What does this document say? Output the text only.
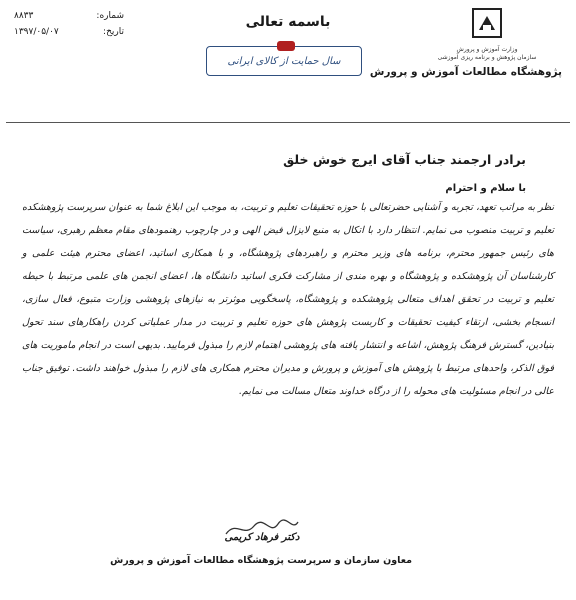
وزارت آموزش و پرورش
سازمان پژوهش و برنامه ریزی آموزشی
پژوهشگاه مطالعات آموزش و پرورش
باسمه تعالی
سال حمایت از کالای ایرانی
شماره:
۸۸۳۳
تاریخ:
۱۳۹۷/۰۵/۰۷
برادر ارجمند جناب آقای ایرج خوش خلق
با سلام و احترام
نظر به مراتب تعهد، تجربه و آشنایی حضرتعالی با حوزه تحقیقات تعلیم و تربیت، به موجب این ابلاغ شما به عنوان سرپرست پژوهشکده تعلیم و تربیت منصوب می نمایم. انتظار دارد با اتکال به منبع لایزال فیض الهی و در چارچوب رهنمودهای مقام معظم رهبری، سیاست های رئیس جمهور محترم، برنامه های وزیر محترم و راهبردهای پژوهشگاه، و با همکاری اساتید، اعضای محترم هیئت علمی و کارشناسان آن پژوهشکده و پژوهشگاه و بهره مندی از مشارکت فکری اساتید دانشگاه ها، اعضای انجمن های علمی مرتبط با حیطه تعلیم و تربیت در تحقق اهداف متعالی پژوهشکده و پژوهشگاه، پاسخگویی موثرتر به نیازهای پژوهشی وزارت متبوع، فعال سازی، انسجام بخشی، ارتقاء کیفیت تحقیقات و کاربست پژوهش های حوزه تعلیم و تربیت در مدار عملیاتی کردن راهکارهای سند تحول بنیادین، گسترش فرهنگ پژوهش، اشاعه و انتشار یافته های پژوهشی اهتمام لازم را مبذول فرمایید. بدیهی است در انجام ماموریت های فوق الذکر، واحدهای مرتبط با پژوهش های آموزش و پرورش و مدیران محترم همکاری های لازم را مبذول خواهند داشت. توفیق جناب عالی در انجام مسئولیت های محوله را از درگاه خداوند متعال مسالت می نمایم.
دکتر فرهاد کریمی
معاون سازمان و سرپرست پژوهشگاه مطالعات آموزش و پرورش
